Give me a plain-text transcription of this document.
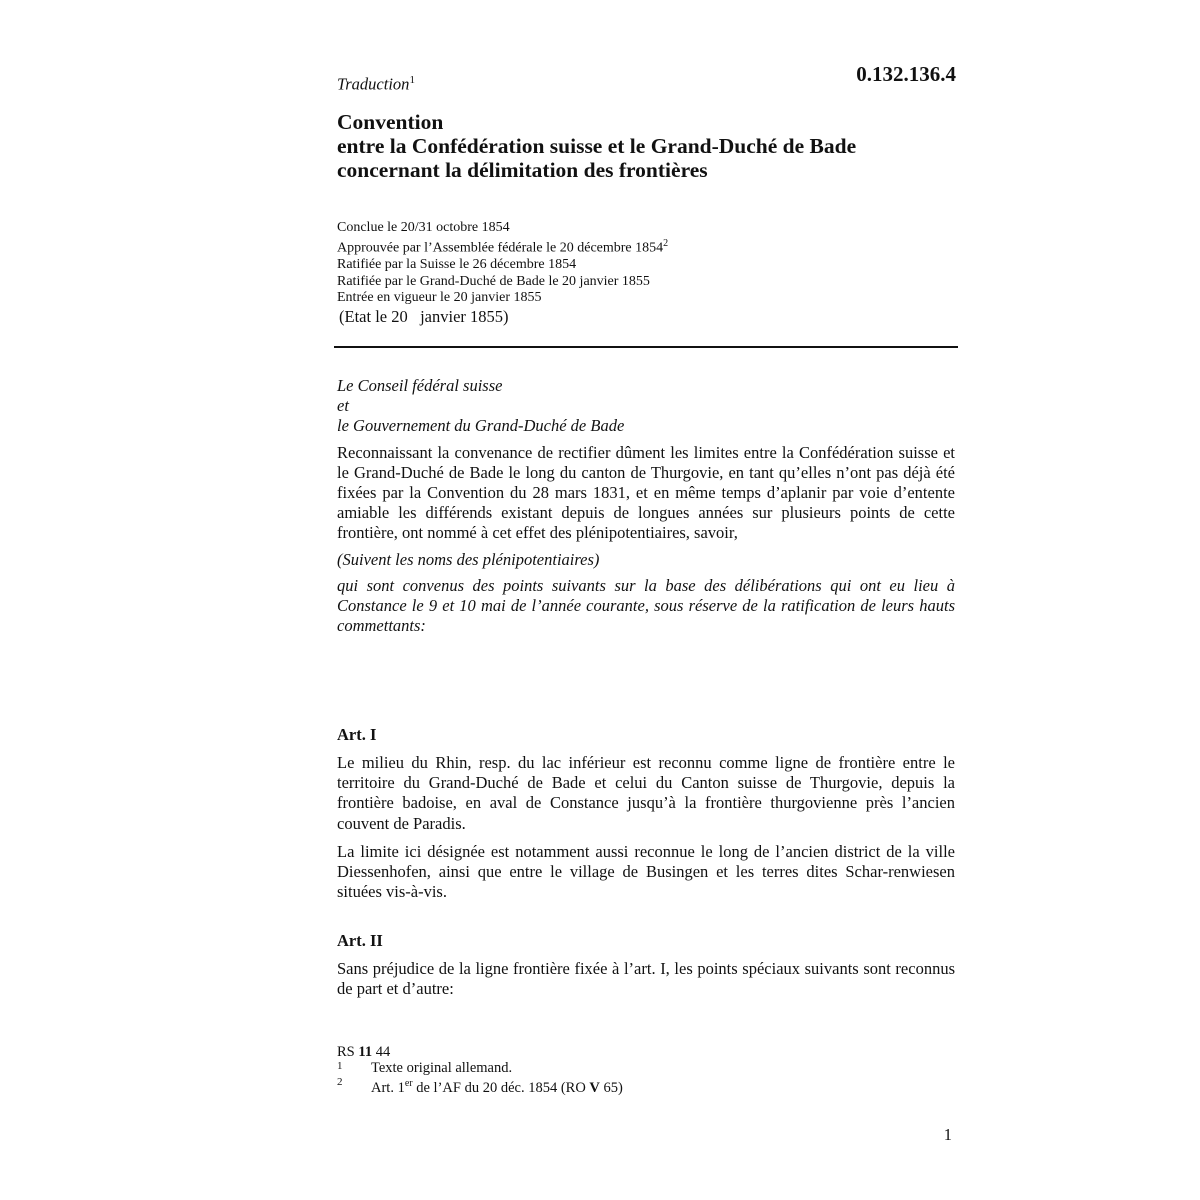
Traduction$^1$	0.132.136.4
Convention
entre la Confédération suisse et le Grand-Duché de Bade
concernant la délimitation des frontières
Conclue le 20/31 octobre 1854
Approuvée par l’Assemblée fédérale le 20 décembre 1854$^2$
Ratifiée par la Suisse le 26 décembre 1854
Ratifiée par le Grand-Duché de Bade le 20 janvier 1855
Entrée en vigueur le 20 janvier 1855
(Etat le 20   janvier 1855)
Le Conseil fédéral suisse
et
le Gouvernement du Grand-Duché de Bade

Reconnaissant la convenance de rectifier dûment les limites entre la Confédération suisse et le Grand-Duché de Bade le long du canton de Thurgovie, en tant qu’elles n’ont pas déjà été fixées par la Convention du 28 mars 1831, et en même temps d’aplanir par voie d’entente amiable les différends existant depuis de longues années sur plusieurs points de cette frontière, ont nommé à cet effet des plénipotentiaires, savoir,

(Suivent les noms des plénipotentiaires)

qui sont convenus des points suivants sur la base des délibérations qui ont eu lieu à Constance le 9 et 10 mai de l’année courante, sous réserve de la ratification de leurs hauts commettants:

Art. I

Le milieu du Rhin, resp. du lac inférieur est reconnu comme ligne de frontière entre le territoire du Grand-Duché de Bade et celui du Canton suisse de Thurgovie, depuis la frontière badoise, en aval de Constance jusqu’à la frontière thurgovienne près l’ancien couvent de Paradis.

La limite ici désignée est notamment aussi reconnue le long de l’ancien district de la ville Diessenhofen, ainsi que entre le village de Busingen et les terres dites Schar-renwiesen situées vis-à-vis.

Art. II

Sans préjudice de la ligne frontière fixée à l’art. I, les points spéciaux suivants sont reconnus de part et d’autre:

RS 11 44
1 Texte original allemand.
2 Art. 1er de l’AF du 20 déc. 1854 (RO V 65)
1
